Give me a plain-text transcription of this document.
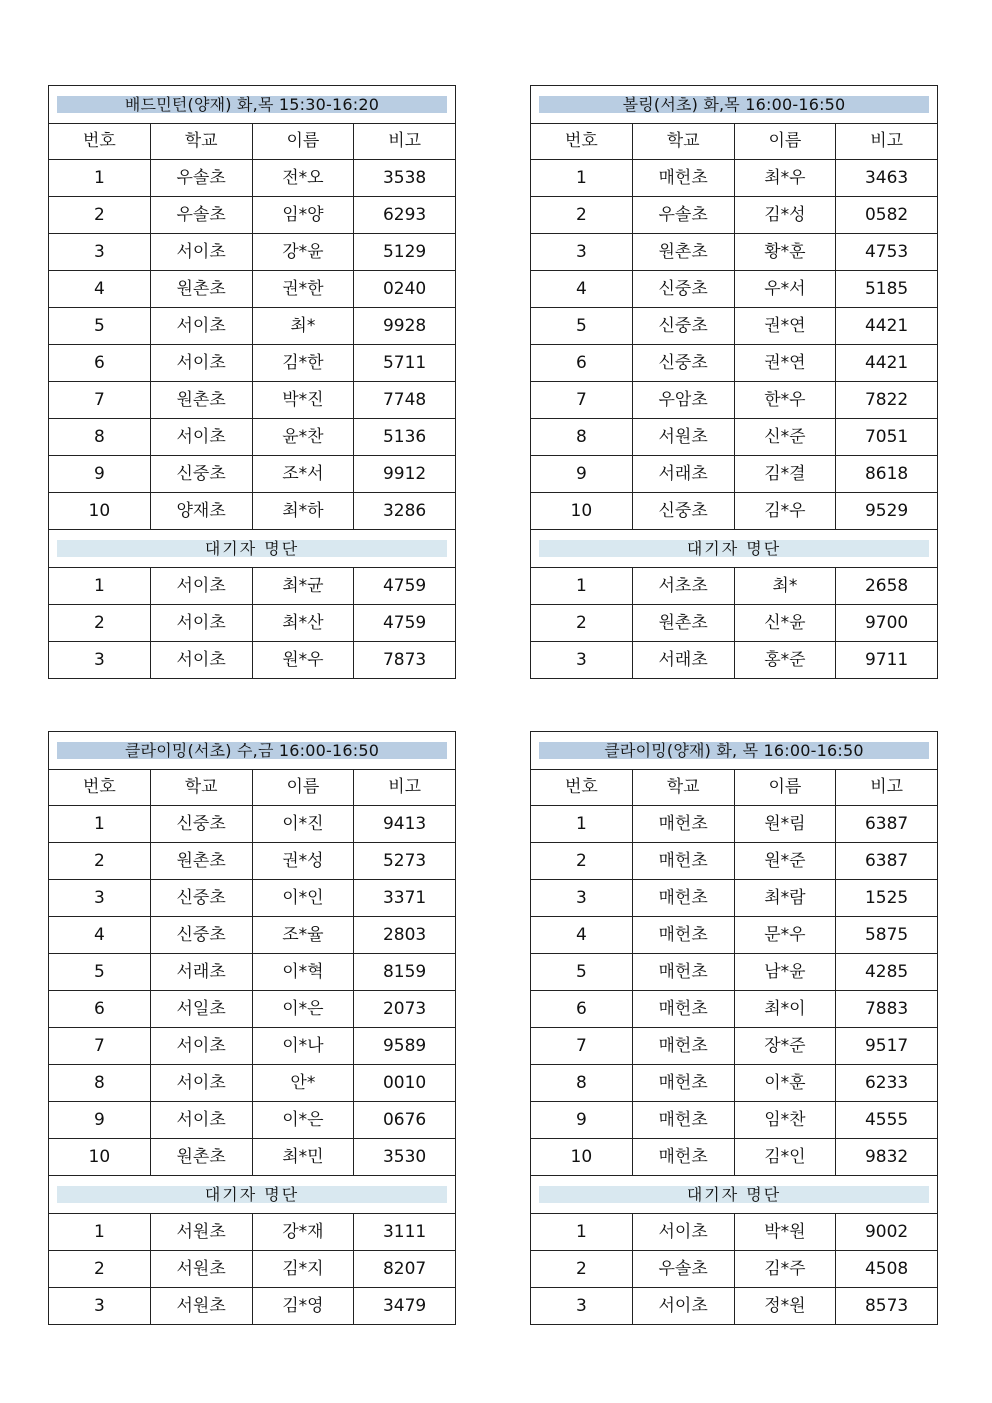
배드민턴(양재) 화,목 15:30-16:20			

번호	학교	이름	비고
1	우솔초	전*오	3538
2	우솔초	임*양	6293
3	서이초	강*윤	5129
4	원촌초	권*한	0240
5	서이초	최*	9928
6	서이초	김*한	5711
7	원촌초	박*진	7748
8	서이초	윤*찬	5136
9	신중초	조*서	9912
10	양재초	최*하	3286

대기자 명단			

1	서이초	최*균	4759
2	서이초	최*산	4759
3	서이초	원*우	7873
볼링(서초) 화,목 16:00-16:50			

번호	학교	이름	비고
1	매헌초	최*우	3463
2	우솔초	김*성	0582
3	원촌초	황*훈	4753
4	신중초	우*서	5185
5	신중초	권*연	4421
6	신중초	권*연	4421
7	우암초	한*우	7822
8	서원초	신*준	7051
9	서래초	김*결	8618
10	신중초	김*우	9529

대기자 명단			

1	서초초	최*	2658
2	원촌초	신*윤	9700
3	서래초	홍*준	9711
클라이밍(서초) 수,금 16:00-16:50			

번호	학교	이름	비고
1	신중초	이*진	9413
2	원촌초	권*성	5273
3	신중초	이*인	3371
4	신중초	조*율	2803
5	서래초	이*혁	8159
6	서일초	이*은	2073
7	서이초	이*나	9589
8	서이초	안*	0010
9	서이초	이*은	0676
10	원촌초	최*민	3530

대기자 명단			

1	서원초	강*재	3111
2	서원초	김*지	8207
3	서원초	김*영	3479
클라이밍(양재) 화, 목 16:00-16:50			

번호	학교	이름	비고
1	매헌초	원*림	6387
2	매헌초	원*준	6387
3	매헌초	최*람	1525
4	매헌초	문*우	5875
5	매헌초	남*윤	4285
6	매헌초	최*이	7883
7	매헌초	장*준	9517
8	매헌초	이*훈	6233
9	매헌초	임*찬	4555
10	매헌초	김*인	9832

대기자 명단			

1	서이초	박*원	9002
2	우솔초	김*주	4508
3	서이초	정*원	8573
